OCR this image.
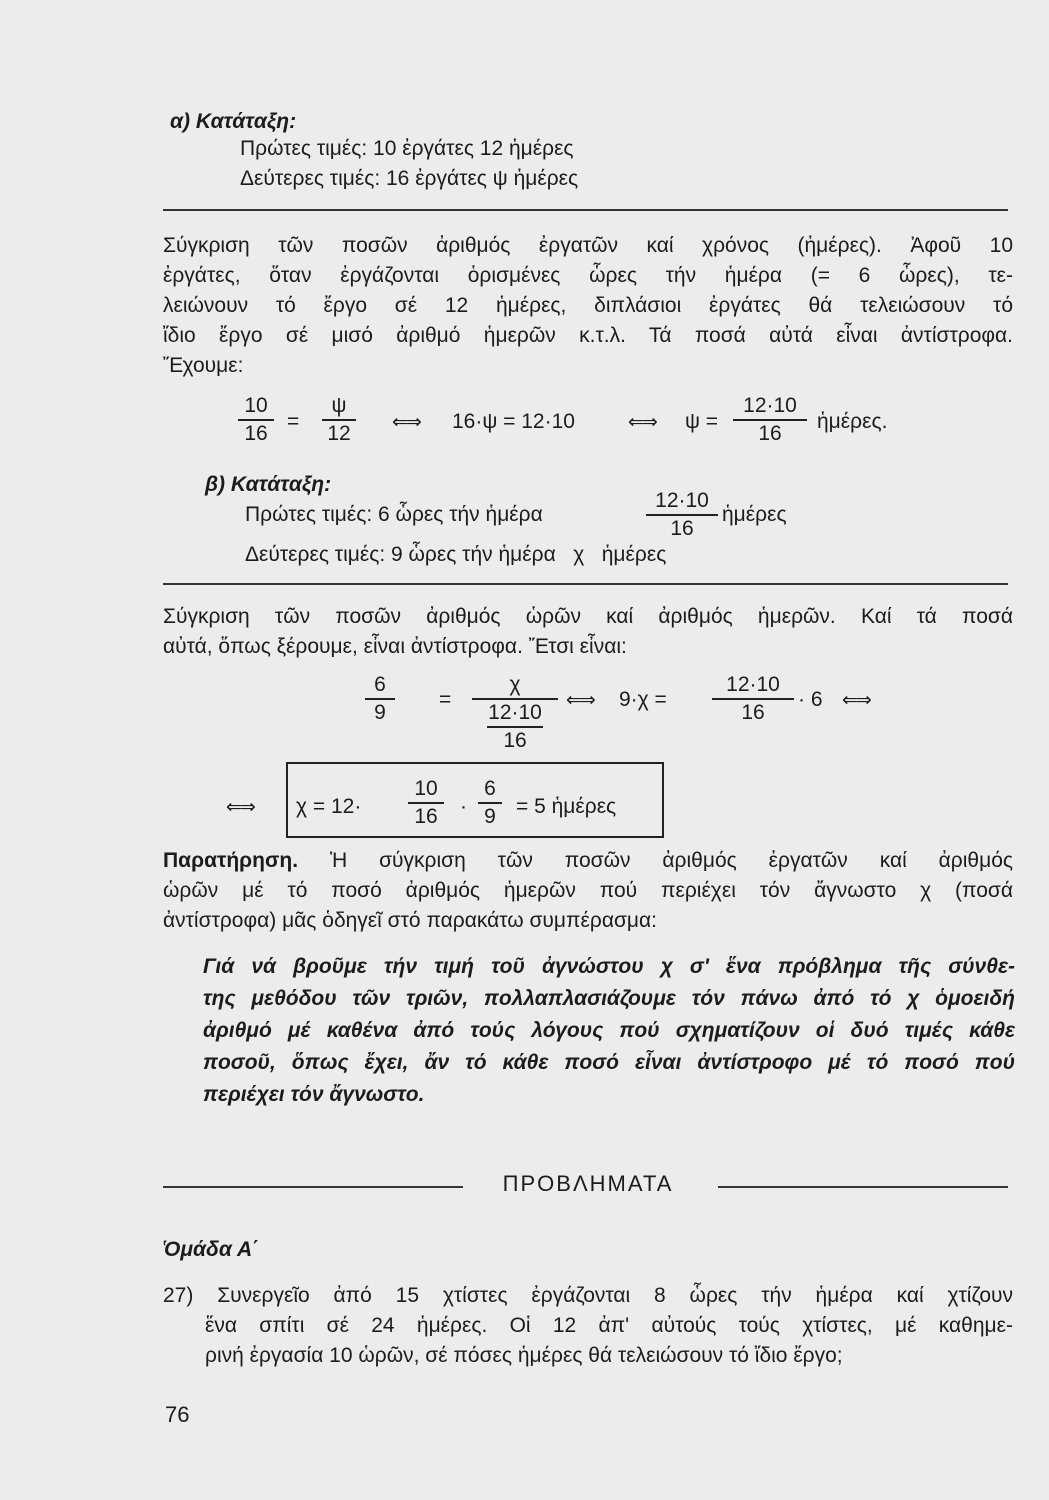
α) Κατάταξη:
Πρώτες τιμές: 10 ἐργάτες 12 ἡμέρες
Δεύτερες τιμές: 16 ἐργάτες ψ ἡμέρες
Σύγκριση τῶν ποσῶν ἀριθμός ἐργατῶν καί χρόνος (ἡμέρες). Ἀφοῦ 10
ἐργάτες, ὅταν ἐργάζονται ὁρισμένες ὧρες τήν ἡμέρα (= 6 ὧρες), τε-
λειώνουν τό ἔργο σέ 12 ἡμέρες, διπλάσιοι ἐργάτες θά τελειώσουν τό
ἴδιο ἔργο σέ μισό ἀριθμό ἡμερῶν κ.τ.λ. Τά ποσά αὐτά εἶναι ἀντίστροφα.
Ἔχουμε:
10
16
=
ψ
12 ⇐⇒ 16·ψ = 12·10	⇐⇒ ψ =
12·10
16
ἡμέρες.
β) Κατάταξη:
Πρώτες τιμές: 6 ὧρες τήν ἡμέρα
12·10
16
ἡμέρες
Δεύτερες τιμές: 9 ὧρες τήν ἡμέρα   χ   ἡμέρες
Σύγκριση τῶν ποσῶν ἀριθμός ὡρῶν καί ἀριθμός ἡμερῶν. Καί τά ποσά
αὐτά, ὅπως ξέρουμε, εἶναι ἀντίστροφα. Ἔτσι εἶναι:
6
9
=
χ
12·10
16
⇐⇒ 9·χ =
12·10
16
· 6 ⇐⇒
⇐⇒ χ = 12·
10
16	·
6
9 = 5 ἡμέρες
Παρατήρηση. Ἡ σύγκριση τῶν ποσῶν ἀριθμός ἐργατῶν καί ἀριθμός
ὡρῶν μέ τό ποσό ἀριθμός ἡμερῶν πού περιέχει τόν ἄγνωστο χ (ποσά
ἀντίστροφα) μᾶς ὁδηγεῖ στό παρακάτω συμπέρασμα:
Γιά νά βροῦμε τήν τιμή τοῦ ἀγνώστου χ σ' ἕνα πρόβλημα τῆς σύνθε-
της μεθόδου τῶν τριῶν, πολλαπλασιάζουμε τόν πάνω ἀπό τό χ ὁμοειδή
ἀριθμό μέ καθένα ἀπό τούς λόγους πού σχηματίζουν οἱ δυό τιμές κάθε
ποσοῦ, ὅπως ἔχει, ἄν τό κάθε ποσό εἶναι ἀντίστροφο μέ τό ποσό πού
περιέχει τόν ἄγνωστο.
ΠΡΟΒΛΗΜΑΤΑ
Ὁμάδα Α΄
27) Συνεργεῖο ἀπό 15 χτίστες ἐργάζονται 8 ὧρες τήν ἡμέρα καί χτίζουν
ἕνα σπίτι σέ 24 ἡμέρες. Οἱ 12 ἀπ' αὐτούς τούς χτίστες, μέ καθημε-
ρινή ἐργασία 10 ὡρῶν, σέ πόσες ἡμέρες θά τελειώσουν τό ἴδιο ἔργο;
76
